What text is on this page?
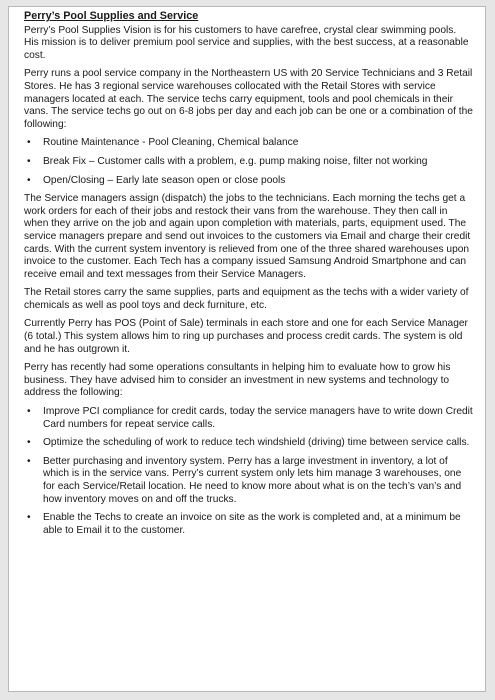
Perry’s Pool Supplies and Service

Perry’s Pool Supplies Vision is for his customers to have carefree, crystal clear swimming pools. His mission is to deliver premium pool service and supplies, with the best success, at a reasonable cost.

Perry runs a pool service company in the Northeastern US with 20 Service Technicians and 3 Retail Stores. He has 3 regional service warehouses collocated with the Retail Stores with service managers located at each. The service techs carry equipment, tools and pool chemicals in their vans. The service techs go out on 6-8 jobs per day and each job can be one or a combination of the following:

• Routine Maintenance - Pool Cleaning, Chemical balance
• Break Fix – Customer calls with a problem, e.g. pump making noise, filter not working
• Open/Closing – Early late season open or close pools

The Service managers assign (dispatch) the jobs to the technicians. Each morning the techs get a work orders for each of their jobs and restock their vans from the warehouse. They then call in when they arrive on the job and again upon completion with materials, parts, equipment used. The service managers prepare and send out invoices to the customers via Email and charge their credit cards. With the current system inventory is relieved from one of the three shared warehouses upon invoice to the customer. Each Tech has a company issued Samsung Android Smartphone and can receive email and text messages from their Service Managers.

The Retail stores carry the same supplies, parts and equipment as the techs with a wider variety of chemicals as well as pool toys and deck furniture, etc.

Currently Perry has POS (Point of Sale) terminals in each store and one for each Service Manager (6 total.) This system allows him to ring up purchases and process credit cards. The system is old and he has outgrown it.

Perry has recently had some operations consultants in helping him to evaluate how to grow his business. They have advised him to consider an investment in new systems and technology to address the following:

• Improve PCI compliance for credit cards, today the service managers have to write down Credit Card numbers for repeat service calls.
• Optimize the scheduling of work to reduce tech windshield (driving) time between service calls.
• Better purchasing and inventory system. Perry has a large investment in inventory, a lot of which is in the service vans. Perry’s current system only lets him manage 3 warehouses, one for each Service/Retail location. He need to know more about what is on the tech’s van’s and how inventory moves on and off the trucks.
• Enable the Techs to create an invoice on site as the work is completed and, at a minimum be able to Email it to the customer.
